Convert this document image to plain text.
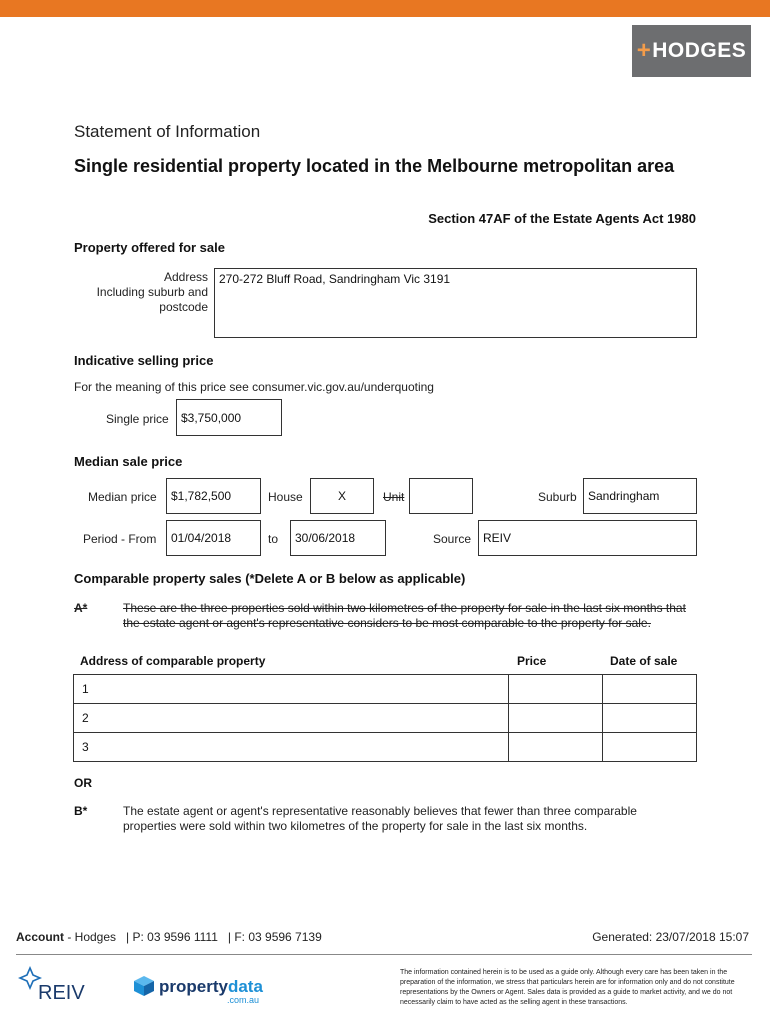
+ HODGES
Statement of Information
Single residential property located in the Melbourne metropolitan area
Section 47AF of the Estate Agents Act 1980
Property offered for sale
Address
Including suburb and
postcode
270-272 Bluff Road, Sandringham Vic 3191
Indicative selling price
For the meaning of this price see consumer.vic.gov.au/underquoting
Single price	$3,750,000
Median sale price
Median price	$1,782,500	House	X	Unit	Suburb Sandringham
Period - From	01/04/2018	to	30/06/2018	Source REIV
Comparable property sales (*Delete A or B below as applicable)
A*	These are the three properties sold within two kilometres of the property for sale in the last six months that the estate agent or agent's representative considers to be most comparable to the property for sale.
Address of comparable property	Price	Date of sale
1		
2		
3		
OR
B*	The estate agent or agent's representative reasonably believes that fewer than three comparable properties were sold within two kilometres of the property for sale in the last six months.
Account - Hodges   | P: 03 9596 1111   | F: 03 9596 7139	Generated: 23/07/2018 15:07
REIV	propertydata
.com.au
The information contained herein is to be used as a guide only. Although every care has been taken in the preparation of the information, we stress that particulars herein are for information only and do not constitute representations by the Owners or Agent. Sales data is provided as a guide to market activity, and we do not necessarily claim to have acted as the selling agent in these transactions.
